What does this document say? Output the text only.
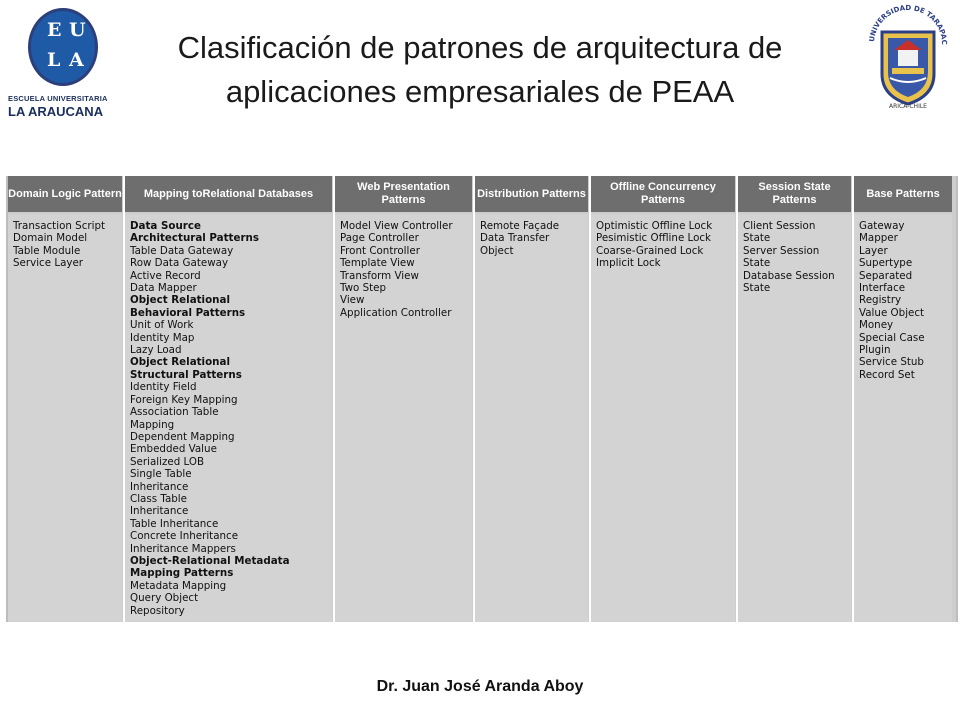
E U
L A
ESCUELA UNIVERSITARIA
LA ARAUCANA
Clasificación de patrones de arquitectura de aplicaciones empresariales de PEAA
UNIVERSIDAD DE TARAPAC
ARICA-CHILE
Domain Logic Pattern
Transaction Script
Domain Model
Table Module
Service Layer
Mapping toRelational Databases
Data Source
Architectural Patterns
Table Data Gateway
Row Data Gateway
Active Record
Data Mapper
Object Relational
Behavioral Patterns
Unit of Work
Identity Map
Lazy Load
Object Relational
Structural Patterns
Identity Field
Foreign Key Mapping
Association Table
Mapping
Dependent Mapping
Embedded Value
Serialized LOB
Single Table
Inheritance
Class Table
Inheritance
Table Inheritance
Concrete Inheritance
Inheritance Mappers
Object-Relational Metadata
Mapping Patterns
Metadata Mapping
Query Object
Repository
Web Presentation Patterns
Model View Controller
Page Controller
Front Controller
Template View
Transform View
Two Step
View
Application Controller
Distribution Patterns
Remote Façade
Data Transfer
Object
Offline Concurrency Patterns
Optimistic Offline Lock
Pesimistic Offline Lock
Coarse-Grained Lock
Implicit Lock
Session State Patterns
Client Session
State
Server Session
State
Database Session
State
Base Patterns
Gateway
Mapper
Layer
Supertype
Separated
Interface
Registry
Value Object
Money
Special Case
Plugin
Service Stub
Record Set
Dr. Juan José Aranda Aboy
